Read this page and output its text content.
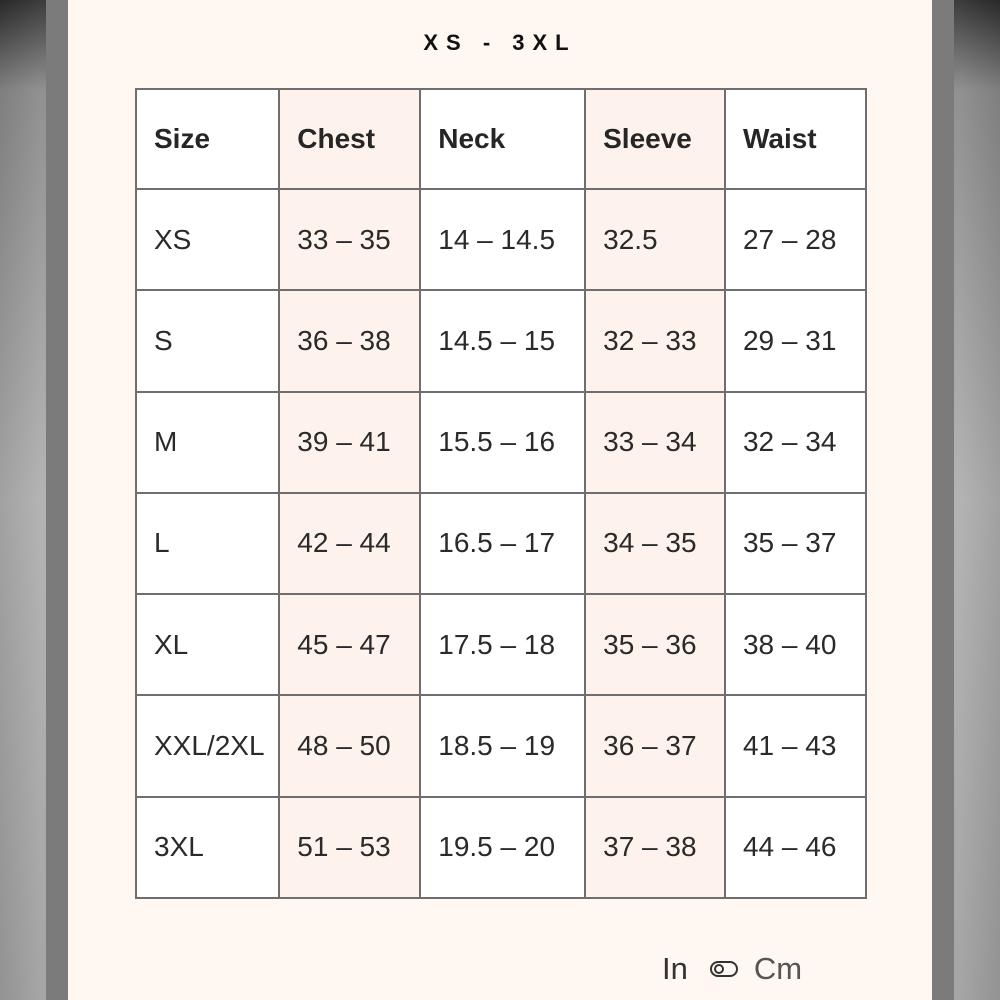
XS - 3XL
Size	Chest	Neck	Sleeve	Waist
XS	33 – 35	14 – 14.5	32.5	27 – 28
S	36 – 38	14.5 – 15	32 – 33	29 – 31
M	39 – 41	15.5 – 16	33 – 34	32 – 34
L	42 – 44	16.5 – 17	34 – 35	35 – 37
XL	45 – 47	17.5 – 18	35 – 36	38 – 40
XXL/2XL	48 – 50	18.5 – 19	36 – 37	41 – 43
3XL	51 – 53	19.5 – 20	37 – 38	44 – 46
In Cm
